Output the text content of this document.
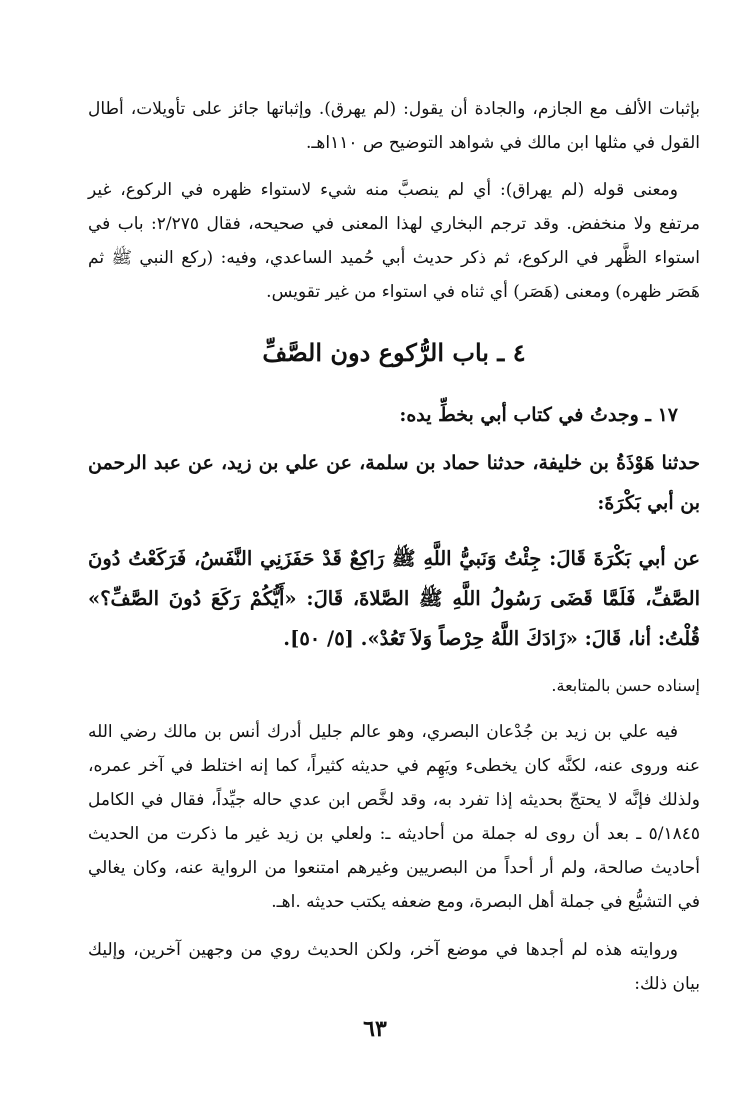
بإثبات الألف مع الجازم، والجادة أن يقول: (لم يهرق). وإثباتها جائز على تأويلات، أطال القول في مثلها ابن مالك في شواهد التوضيح ص ١١٠اهـ.

ومعنى قوله (لم يهراق): أي لم ينصبَّ منه شيء لاستواء ظهره في الركوع، غير مرتفع ولا منخفض. وقد ترجم البخاري لهذا المعنى في صحيحه، فقال ٢/٢٧٥: باب في استواء الظَّهر في الركوع، ثم ذكر حديث أبي حُميد الساعدي، وفيه: (ركع النبي ﷺ ثم هَصَر ظهره) ومعنى (هَصَر) أي ثناه في استواء من غير تقويس.

٤ ـ باب الرُّكوع دون الصَّفِّ

١٧ ـ وجدتُ في كتاب أبي بخطِّ يده:

حدثنا هَوْذَةُ بن خليفة، حدثنا حماد بن سلمة، عن علي بن زيد، عن عبد الرحمن بن أبي بَكْرَةَ:

عن أبي بَكْرَةَ قَالَ: جِئْتُ وَنَبيُّ اللَّهِ ﷺ رَاكِعٌ قَدْ حَفَزَنِي النَّفَسُ، فَرَكَعْتُ دُونَ الصَّفِّ، فَلَمَّا قَضَى رَسُولُ اللَّهِ ﷺ الصَّلاةَ، قَالَ: «أَيُّكُمْ رَكَعَ دُونَ الصَّفِّ؟» قُلْتُ: أنا، قَالَ: «زَادَكَ اللَّهُ حِرْصاً وَلاَ تَعُدْ». [٥/ ٥٠].

إسناده حسن بالمتابعة.

فيه علي بن زيد بن جُدْعان البصري، وهو عالم جليل أدرك أنس بن مالك رضي الله عنه وروى عنه، لكنَّه كان يخطىء ويَهِم في حديثه كثيراً، كما إنه اختلط في آخر عمره، ولذلك فإنَّه لا يحتجّ بحديثه إذا تفرد به، وقد لخَّص ابن عدي حاله جيِّداً، فقال في الكامل ٥/١٨٤٥ ـ بعد أن روى له جملة من أحاديثه ـ: ولعلي بن زيد غير ما ذكرت من الحديث أحاديث صالحة، ولم أر أحداً من البصريين وغيرهم امتنعوا من الرواية عنه، وكان يغالي في التشيُّع في جملة أهل البصرة، ومع ضعفه يكتب حديثه .اهـ.

وروايته هذه لم أجدها في موضع آخر، ولكن الحديث روي من وجهين آخرين، وإليك بيان ذلك:

٦٣
